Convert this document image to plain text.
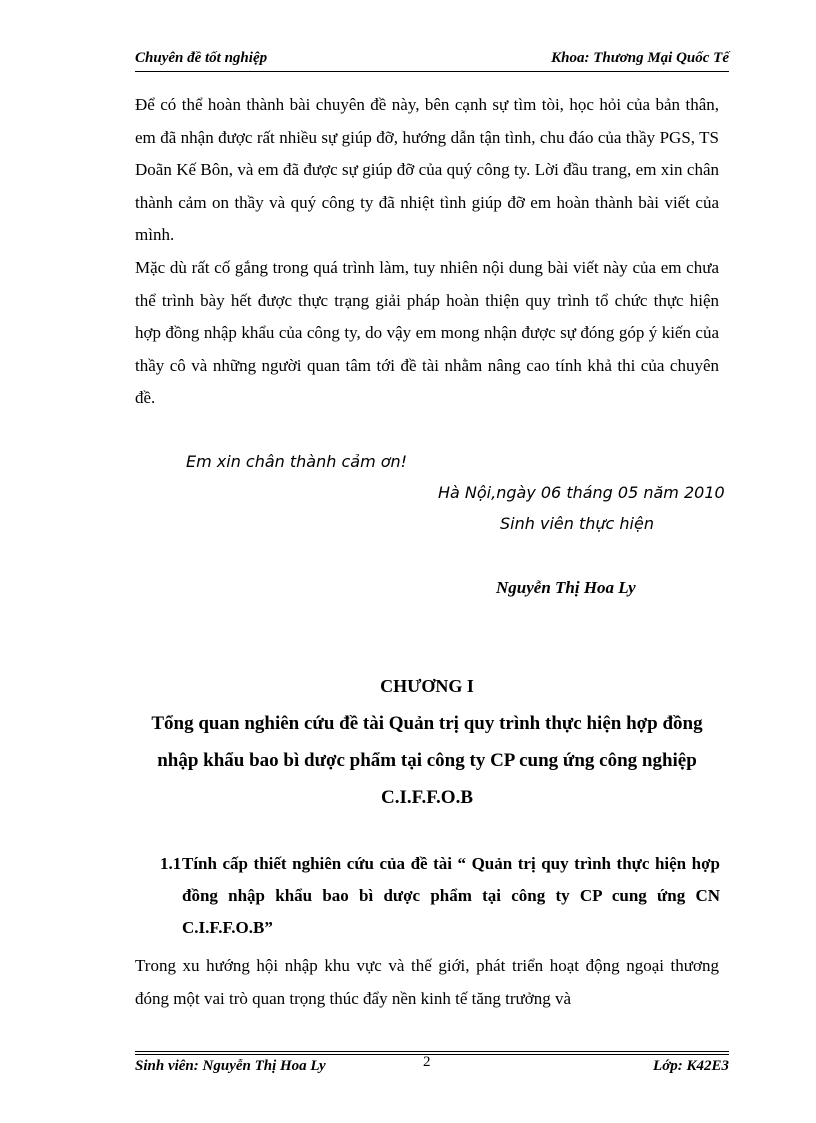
Chuyên đề tốt nghiệp	Khoa: Thương Mại Quốc Tế

Để có thể hoàn thành bài chuyên đề này, bên cạnh sự tìm tòi, học hỏi của bản thân, em đã nhận được rất nhiều sự giúp đỡ, hướng dẫn tận tình, chu đáo của thầy PGS, TS Doãn Kế Bôn, và em đã được sự giúp đỡ của quý công ty. Lời đầu trang, em xin chân thành cảm on thầy và quý công ty đã nhiệt tình giúp đỡ em hoàn thành bài viết của mình.

Mặc dù rất cố gắng trong quá trình làm, tuy nhiên nội dung bài viết này của em chưa thể trình bày hết được thực trạng giải pháp hoàn thiện quy trình tổ chức thực hiện hợp đồng nhập khẩu của công ty, do vậy em mong nhận được sự đóng góp ý kiến của thầy cô và những người quan tâm tới đề tài nhằm nâng cao tính khả thi của chuyên đề.

Em xin chân thành cảm ơn!
Hà Nội,ngày 06 tháng 05 năm 2010
Sinh viên thực hiện
Nguyễn Thị Hoa Ly
CHƯƠNG I
Tổng quan nghiên cứu đề tài Quản trị quy trình thực hiện hợp đồng nhập khẩu bao bì dược phẩm tại công ty CP cung ứng công nghiệp C.I.F.F.O.B
1.1 Tính cấp thiết nghiên cứu của đề tài “ Quản trị quy trình thực hiện hợp đồng nhập khẩu bao bì dược phẩm tại công ty CP cung ứng CN C.I.F.F.O.B”

Trong xu hướng hội nhập khu vực và thế giới, phát triển hoạt động ngoại thương đóng một vai trò quan trọng thúc đẩy nền kinh tế tăng trưởng và

Sinh viên: Nguyễn Thị Hoa Ly	2	Lớp: K42E3
